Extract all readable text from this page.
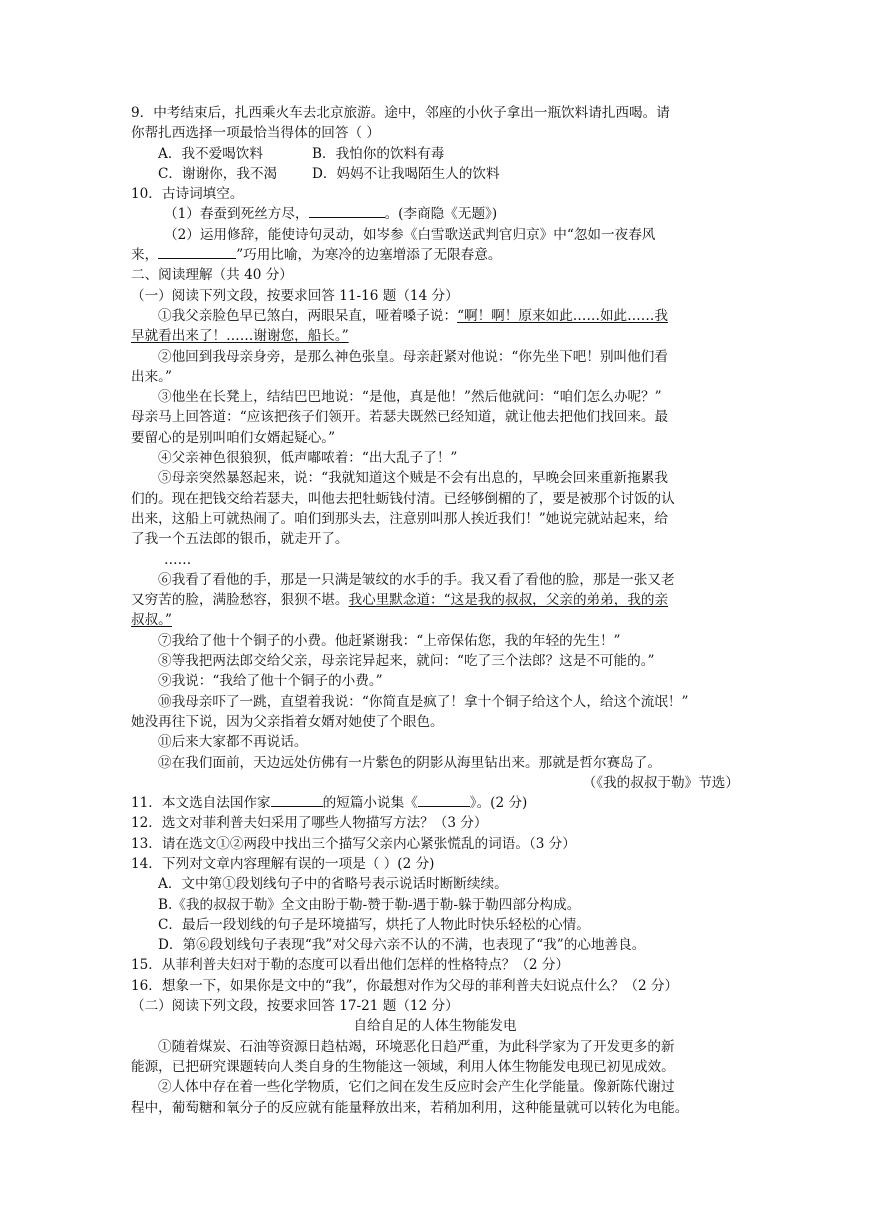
9．中考结束后，扎西乘火车去北京旅游。途中，邻座的小伙子拿出一瓶饮料请扎西喝。请

你帮扎西选择一项最恰当得体的回答（ ）

A．我不爱喝饮料	B．我怕你的饮料有毒

C．谢谢你，我不渴	D．妈妈不让我喝陌生人的饮料

10．古诗词填空。

（1）春蚕到死丝方尽，	。(李商隐《无题》)

（2）运用修辞，能使诗句灵动，如岑参《白雪歌送武判官归京》中“忽如一夜春风

来，	”巧用比喻，为寒冷的边塞增添了无限春意。

二、阅读理解（共 40 分）

（一）阅读下列文段，按要求回答 11-16 题（14 分）

①我父亲脸色早已煞白，两眼呆直，哑着嗓子说：“啊！啊！原来如此……如此……我

早就看出来了！……谢谢您，船长。”

②他回到我母亲身旁，是那么神色张皇。母亲赶紧对他说：“你先坐下吧！别叫他们看

出来。”

③他坐在长凳上，结结巴巴地说：“是他，真是他！”然后他就问：“咱们怎么办呢？”

母亲马上回答道：“应该把孩子们领开。若瑟夫既然已经知道，就让他去把他们找回来。最

要留心的是别叫咱们女婿起疑心。”

④父亲神色很狼狈，低声嘟哝着：“出大乱子了！”

⑤母亲突然暴怒起来，说：“我就知道这个贼是不会有出息的，早晚会回来重新拖累我

们的。现在把钱交给若瑟夫，叫他去把牡蛎钱付清。已经够倒楣的了，要是被那个讨饭的认

出来，这船上可就热闹了。咱们到那头去，注意别叫那人挨近我们！”她说完就站起来，给

了我一个五法郎的银币，就走开了。

……

⑥我看了看他的手，那是一只满是皱纹的水手的手。我又看了看他的脸，那是一张又老

又穷苦的脸，满脸愁容，狠狈不堪。我心里默念道：“这是我的叔叔，父亲的弟弟，我的亲

叔叔。”

⑦我给了他十个铜子的小费。他赶紧谢我：“上帝保佑您，我的年轻的先生！”

⑧等我把两法郎交给父亲，母亲诧异起来，就问：“吃了三个法郎？这是不可能的。”

⑨我说：“我给了他十个铜子的小费。”

⑩我母亲吓了一跳，直望着我说：“你简直是疯了！拿十个铜子给这个人，给这个流氓！”

她没再往下说，因为父亲指着女婿对她使了个眼色。

⑪后来大家都不再说话。

⑫在我们面前，天边远处仿佛有一片紫色的阴影从海里钻出来。那就是哲尔赛岛了。

（《我的叔叔于勒》节选）

11．本文选自法国作家	的短篇小说集《	》。(2 分)

12．选文对菲利普夫妇采用了哪些人物描写方法？（3 分）

13．请在选文①②两段中找出三个描写父亲内心紧张慌乱的词语。（3 分）

14．下列对文章内容理解有误的一项是（ ）(2 分)

A．文中第①段划线句子中的省略号表示说话时断断续续。

B.《我的叔叔于勒》全文由盼于勒-赞于勒-遇于勒-躲于勒四部分构成。

C．最后一段划线的句子是环境描写，烘托了人物此时快乐轻松的心情。

D．第⑥段划线句子表现“我”对父母六亲不认的不满，也表现了“我”的心地善良。

15．从菲利普夫妇对于勒的态度可以看出他们怎样的性格特点？（2 分）

16．想象一下，如果你是文中的“我”，你最想对作为父母的菲利普夫妇说点什么？（2 分）

（二）阅读下列文段，按要求回答 17-21 题（12 分）

自给自足的人体生物能发电

①随着煤炭、石油等资源日趋枯竭，环境恶化日趋严重，为此科学家为了开发更多的新

能源，已把研究课题转向人类自身的生物能这一领域，利用人体生物能发电现已初见成效。

②人体中存在着一些化学物质，它们之间在发生反应时会产生化学能量。像新陈代谢过

程中，葡萄糖和氧分子的反应就有能量释放出来，若稍加利用，这种能量就可以转化为电能。
